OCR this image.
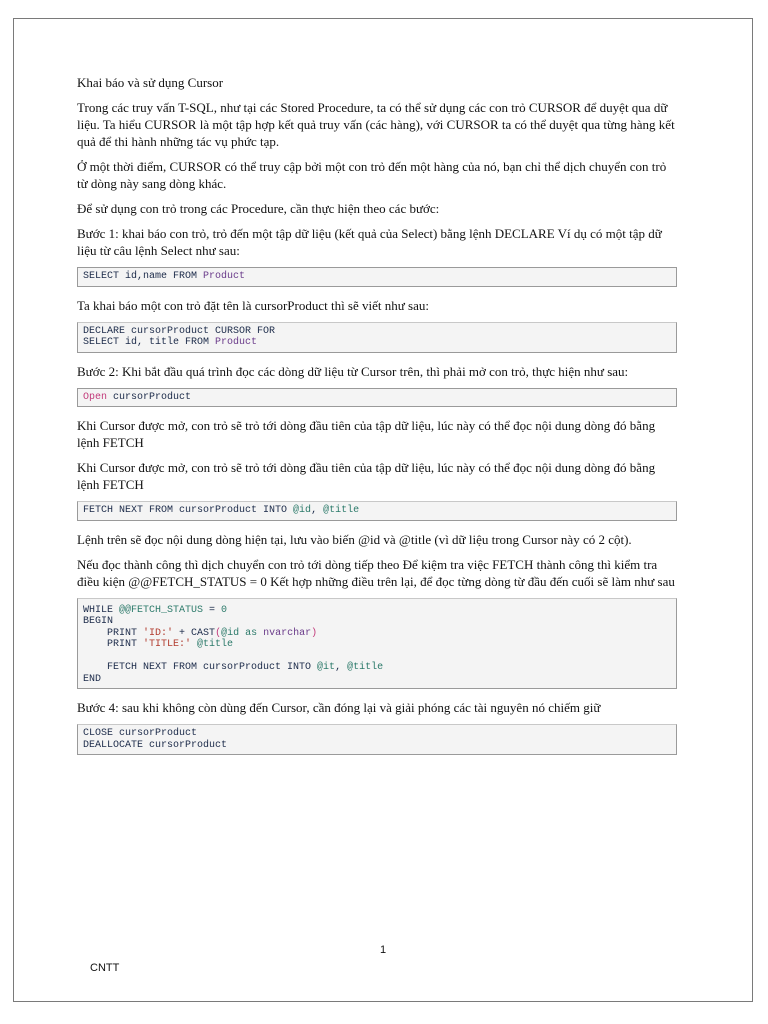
Khai báo và sử dụng Cursor

Trong các truy vấn T-SQL, như tại các Stored Procedure, ta có thể sử dụng các con trỏ CURSOR để duyệt qua dữ liệu. Ta hiểu CURSOR là một tập hợp kết quả truy vấn (các hàng), với CURSOR ta có thể duyệt qua từng hàng kết quả để thi hành những tác vụ phức tạp.

Ở một thời điểm, CURSOR có thể truy cập bởi một con trỏ đến một hàng của nó, bạn chỉ thể dịch chuyển con trỏ từ dòng này sang dòng khác.

Để sử dụng con trỏ trong các Procedure, cần thực hiện theo các bước:

Bước 1: khai báo con trỏ, trỏ đến một tập dữ liệu (kết quả của Select) bằng lệnh DECLARE Ví dụ có một tập dữ liệu từ câu lệnh Select như sau:

SELECT id,name FROM Product

Ta khai báo một con trỏ đặt tên là cursorProduct thì sẽ viết như sau:

DECLARE cursorProduct CURSOR FOR
SELECT id, title FROM Product

Bước 2: Khi bắt đầu quá trình đọc các dòng dữ liệu từ Cursor trên, thì phải mở con trỏ, thực hiện như sau:

Open cursorProduct

Khi Cursor được mở, con trỏ sẽ trỏ tới dòng đầu tiên của tập dữ liệu, lúc này có thể đọc nội dung dòng đó bằng lệnh FETCH

Khi Cursor được mở, con trỏ sẽ trỏ tới dòng đầu tiên của tập dữ liệu, lúc này có thể đọc nội dung dòng đó bằng lệnh FETCH

FETCH NEXT FROM cursorProduct INTO @id, @title

Lệnh trên sẽ đọc nội dung dòng hiện tại, lưu vào biến @id và @title (vì dữ liệu trong Cursor này có 2 cột).

Nếu đọc thành công thì dịch chuyển con trỏ tới dòng tiếp theo Để kiệm tra việc FETCH thành công thì kiểm tra điều kiện @@FETCH_STATUS = 0 Kết hợp những điều trên lại, để đọc từng dòng từ đầu đến cuối sẽ làm như sau

WHILE @@FETCH_STATUS = 0
BEGIN
PRINT 'ID:' + CAST(@id as nvarchar)
PRINT 'TITLE:' @title

FETCH NEXT FROM cursorProduct INTO @it, @title
END

Bước 4: sau khi không còn dùng đến Cursor, cần đóng lại và giải phóng các tài nguyên nó chiếm giữ

CLOSE cursorProduct
DEALLOCATE cursorProduct
1
CNTT
